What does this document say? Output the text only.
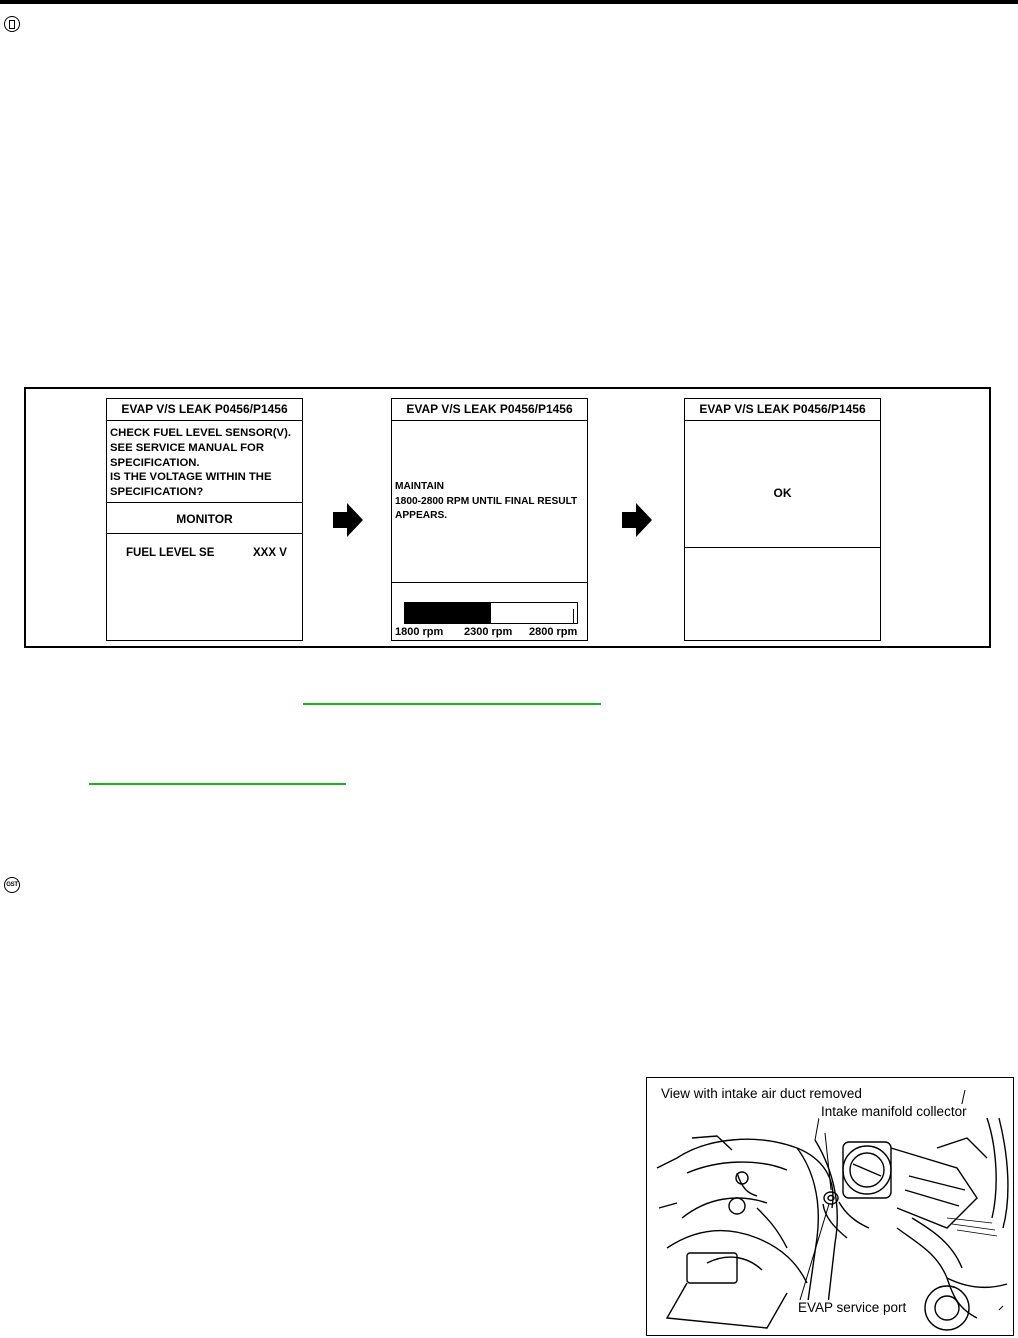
EVAP V/S LEAK P0456/P1456
CHECK FUEL LEVEL SENSOR(V).
SEE SERVICE MANUAL FOR
SPECIFICATION.
IS THE VOLTAGE WITHIN THE
SPECIFICATION?
MONITOR
FUEL LEVEL SE	XXX V
EVAP V/S LEAK P0456/P1456
MAINTAIN
1800-2800 RPM UNTIL FINAL RESULT
APPEARS.
1800 rpm 2300 rpm 2800 rpm
EVAP V/S LEAK P0456/P1456
OK
GST
View with intake air duct removed
Intake manifold collector
EVAP service port
